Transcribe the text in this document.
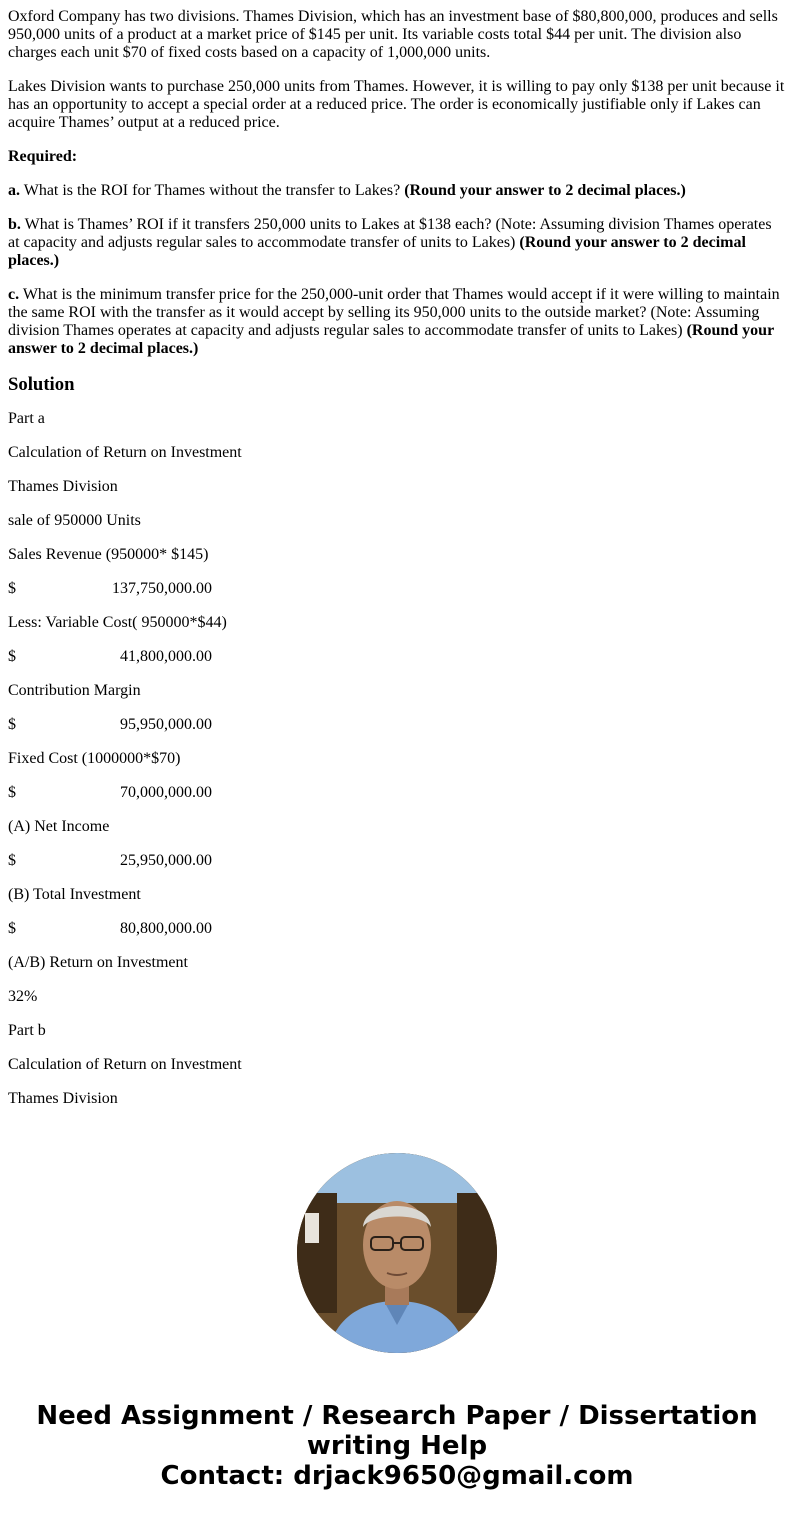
Oxford Company has two divisions. Thames Division, which has an investment base of $80,800,000, produces and sells 950,000 units of a product at a market price of $145 per unit. Its variable costs total $44 per unit. The division also charges each unit $70 of fixed costs based on a capacity of 1,000,000 units.

Lakes Division wants to purchase 250,000 units from Thames. However, it is willing to pay only $138 per unit because it has an opportunity to accept a special order at a reduced price. The order is economically justifiable only if Lakes can acquire Thames’ output at a reduced price.

Required:

a. What is the ROI for Thames without the transfer to Lakes? (Round your answer to 2 decimal places.)

b. What is Thames’ ROI if it transfers 250,000 units to Lakes at $138 each? (Note: Assuming division Thames operates at capacity and adjusts regular sales to accommodate transfer of units to Lakes) (Round your answer to 2 decimal places.)

c. What is the minimum transfer price for the 250,000-unit order that Thames would accept if it were willing to maintain the same ROI with the transfer as it would accept by selling its 950,000 units to the outside market? (Note: Assuming division Thames operates at capacity and adjusts regular sales to accommodate transfer of units to Lakes) (Round your answer to 2 decimal places.)

Solution
Part a
Calculation of Return on Investment
Thames Division
sale of 950000 Units
Sales Revenue (950000* $145)
$	137,750,000.00
Less: Variable Cost( 950000*$44)
$	41,800,000.00
Contribution Margin
$	95,950,000.00
Fixed Cost (1000000*$70)
$	70,000,000.00
(A) Net Income
$	25,950,000.00
(B) Total Investment
$	80,800,000.00
(A/B) Return on Investment
32%
Part b
Calculation of Return on Investment
Thames Division
Need Assignment / Research Paper / Dissertation
writing Help
Contact: drjack9650@gmail.com
